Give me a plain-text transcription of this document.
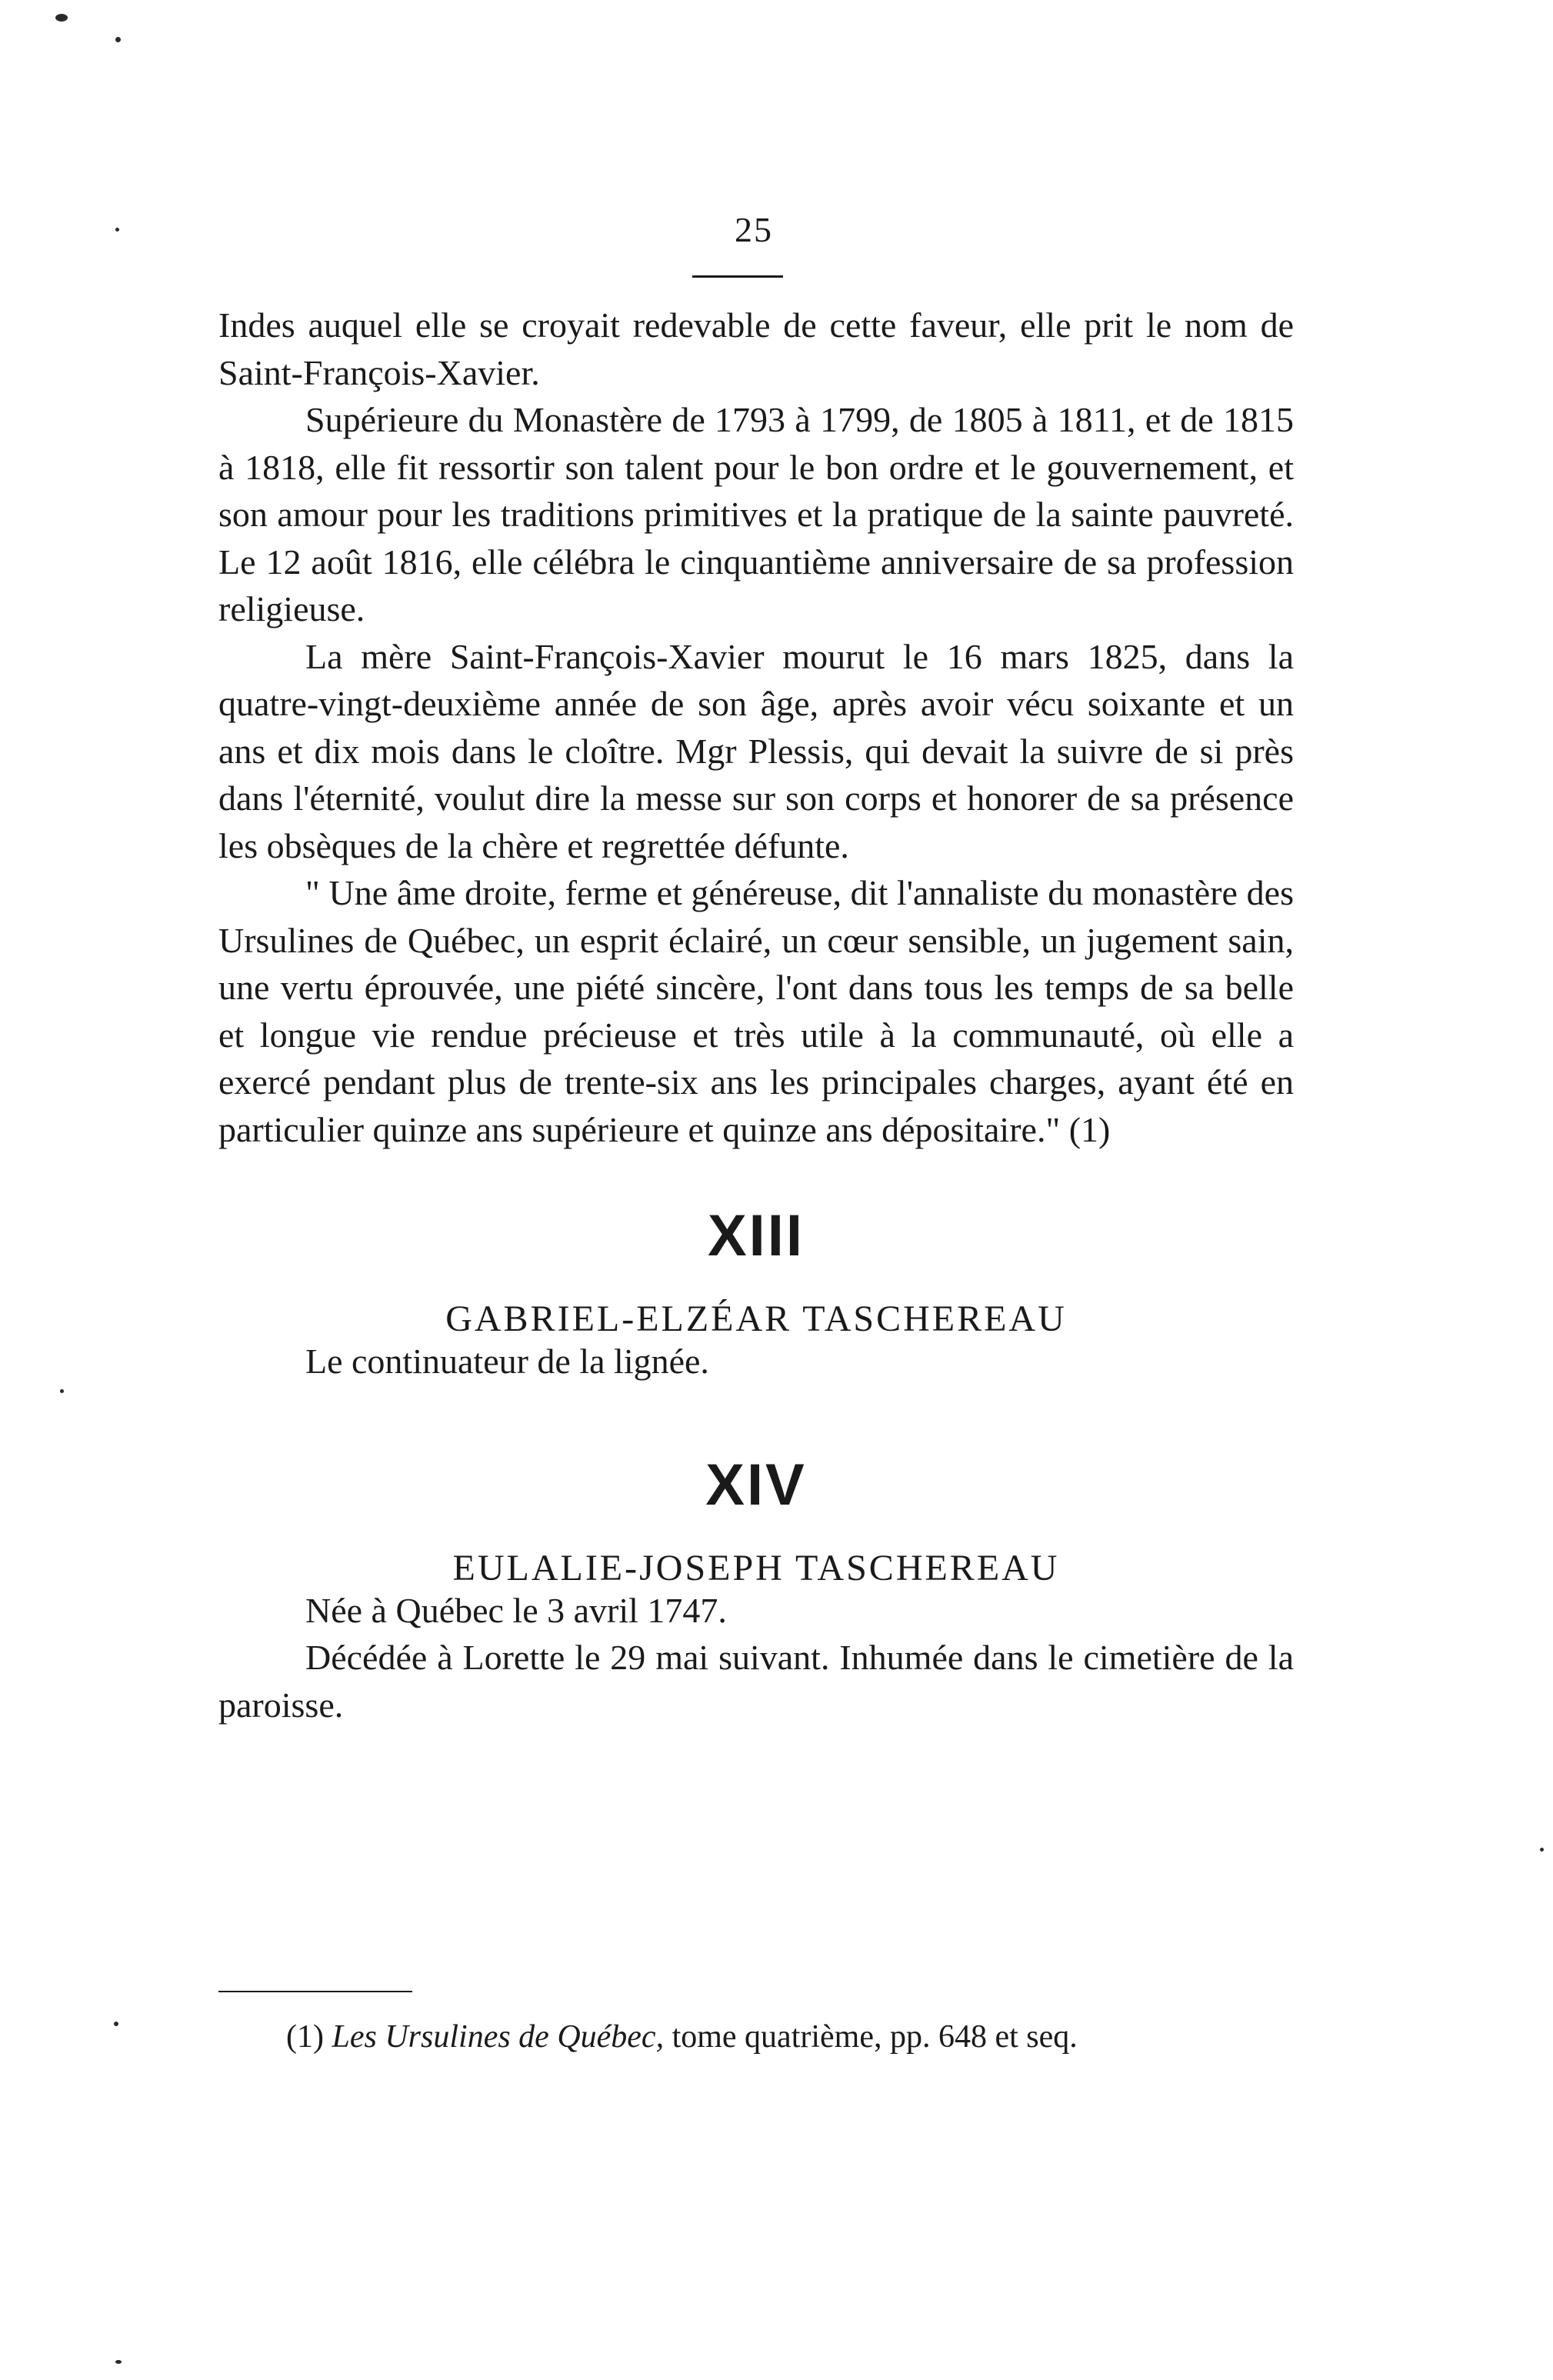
25

Indes auquel elle se croyait redevable de cette faveur, elle prit le nom de Saint-François-Xavier.

Supérieure du Monastère de 1793 à 1799, de 1805 à 1811, et de 1815 à 1818, elle fit ressortir son talent pour le bon ordre et le gouvernement, et son amour pour les traditions primitives et la pratique de la sainte pauvreté. Le 12 août 1816, elle célébra le cinquantième anniversaire de sa profession religieuse.

La mère Saint-François-Xavier mourut le 16 mars 1825, dans la quatre-vingt-deuxième année de son âge, après avoir vécu soixante et un ans et dix mois dans le cloître. Mgr Plessis, qui devait la suivre de si près dans l'éternité, voulut dire la messe sur son corps et honorer de sa présence les obsèques de la chère et regrettée défunte.

" Une âme droite, ferme et généreuse, dit l'annaliste du monastère des Ursulines de Québec, un esprit éclairé, un cœur sensible, un jugement sain, une vertu éprouvée, une piété sincère, l'ont dans tous les temps de sa belle et longue vie rendue précieuse et très utile à la communauté, où elle a exercé pendant plus de trente-six ans les principales charges, ayant été en particulier quinze ans supérieure et quinze ans dépositaire." (1)

XIII
GABRIEL-ELZÉAR TASCHEREAU

Le continuateur de la lignée.

XIV
EULALIE-JOSEPH TASCHEREAU

Née à Québec le 3 avril 1747.

Décédée à Lorette le 29 mai suivant. Inhumée dans le cimetière de la paroisse.

(1) Les Ursulines de Québec, tome quatrième, pp. 648 et seq.
